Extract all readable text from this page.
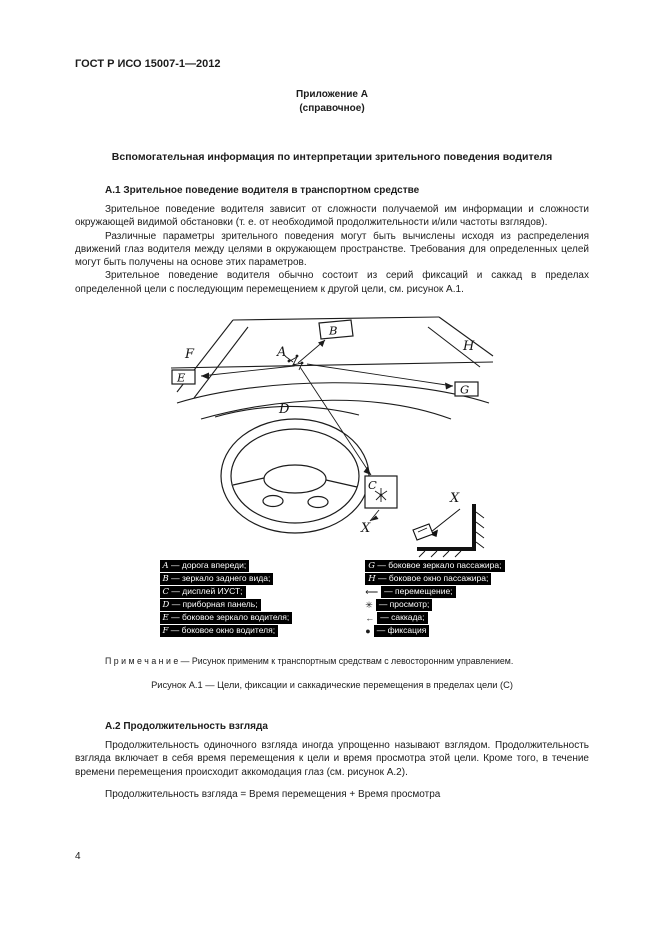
ГОСТ Р ИСО 15007-1—2012
Приложение А
(справочное)
Вспомогательная информация по интерпретации зрительного поведения водителя
А.1 Зрительное поведение водителя в транспортном средстве

Зрительное поведение водителя зависит от сложности получаемой им информации и сложности окружающей видимой обстановки (т. е. от необходимой продолжительности и/или частоты взглядов).

Различные параметры зрительного поведения могут быть вычислены исходя из распределения движений глаз водителя между целями в окружающем пространстве. Требования для определенных целей могут быть получены на основе этих параметров.

Зрительное поведение водителя обычно состоит из серий фиксаций и саккад в пределах определенной цели с последующим перемещением к другой цели, см. рисунок А.1.

F
E
A
B
H
G
D
C
X
X
A — дорога впереди;
B — зеркало заднего вида;
C — дисплей ИУСТ;
D — приборная панель;
E — боковое зеркало водителя;
F — боковое окно водителя;
G — боковое зеркало пассажира;
H — боковое окно пассажира;
⟵ — перемещение;
✳ — просмотр;
← — саккада;
● — фиксация

П р и м е ч а н и е — Рисунок применим к транспортным средствам с левосторонним управлением.

Рисунок А.1 — Цели, фиксации и саккадические перемещения в пределах цели (С)

А.2 Продолжительность взгляда

Продолжительность одиночного взгляда иногда упрощенно называют взглядом. Продолжительность взгляда включает в себя время перемещения к цели и время просмотра этой цели. Кроме того, в течение времени перемещения происходит аккомодация глаз (см. рисунок А.2).

Продолжительность взгляда = Время перемещения + Время просмотра

4
